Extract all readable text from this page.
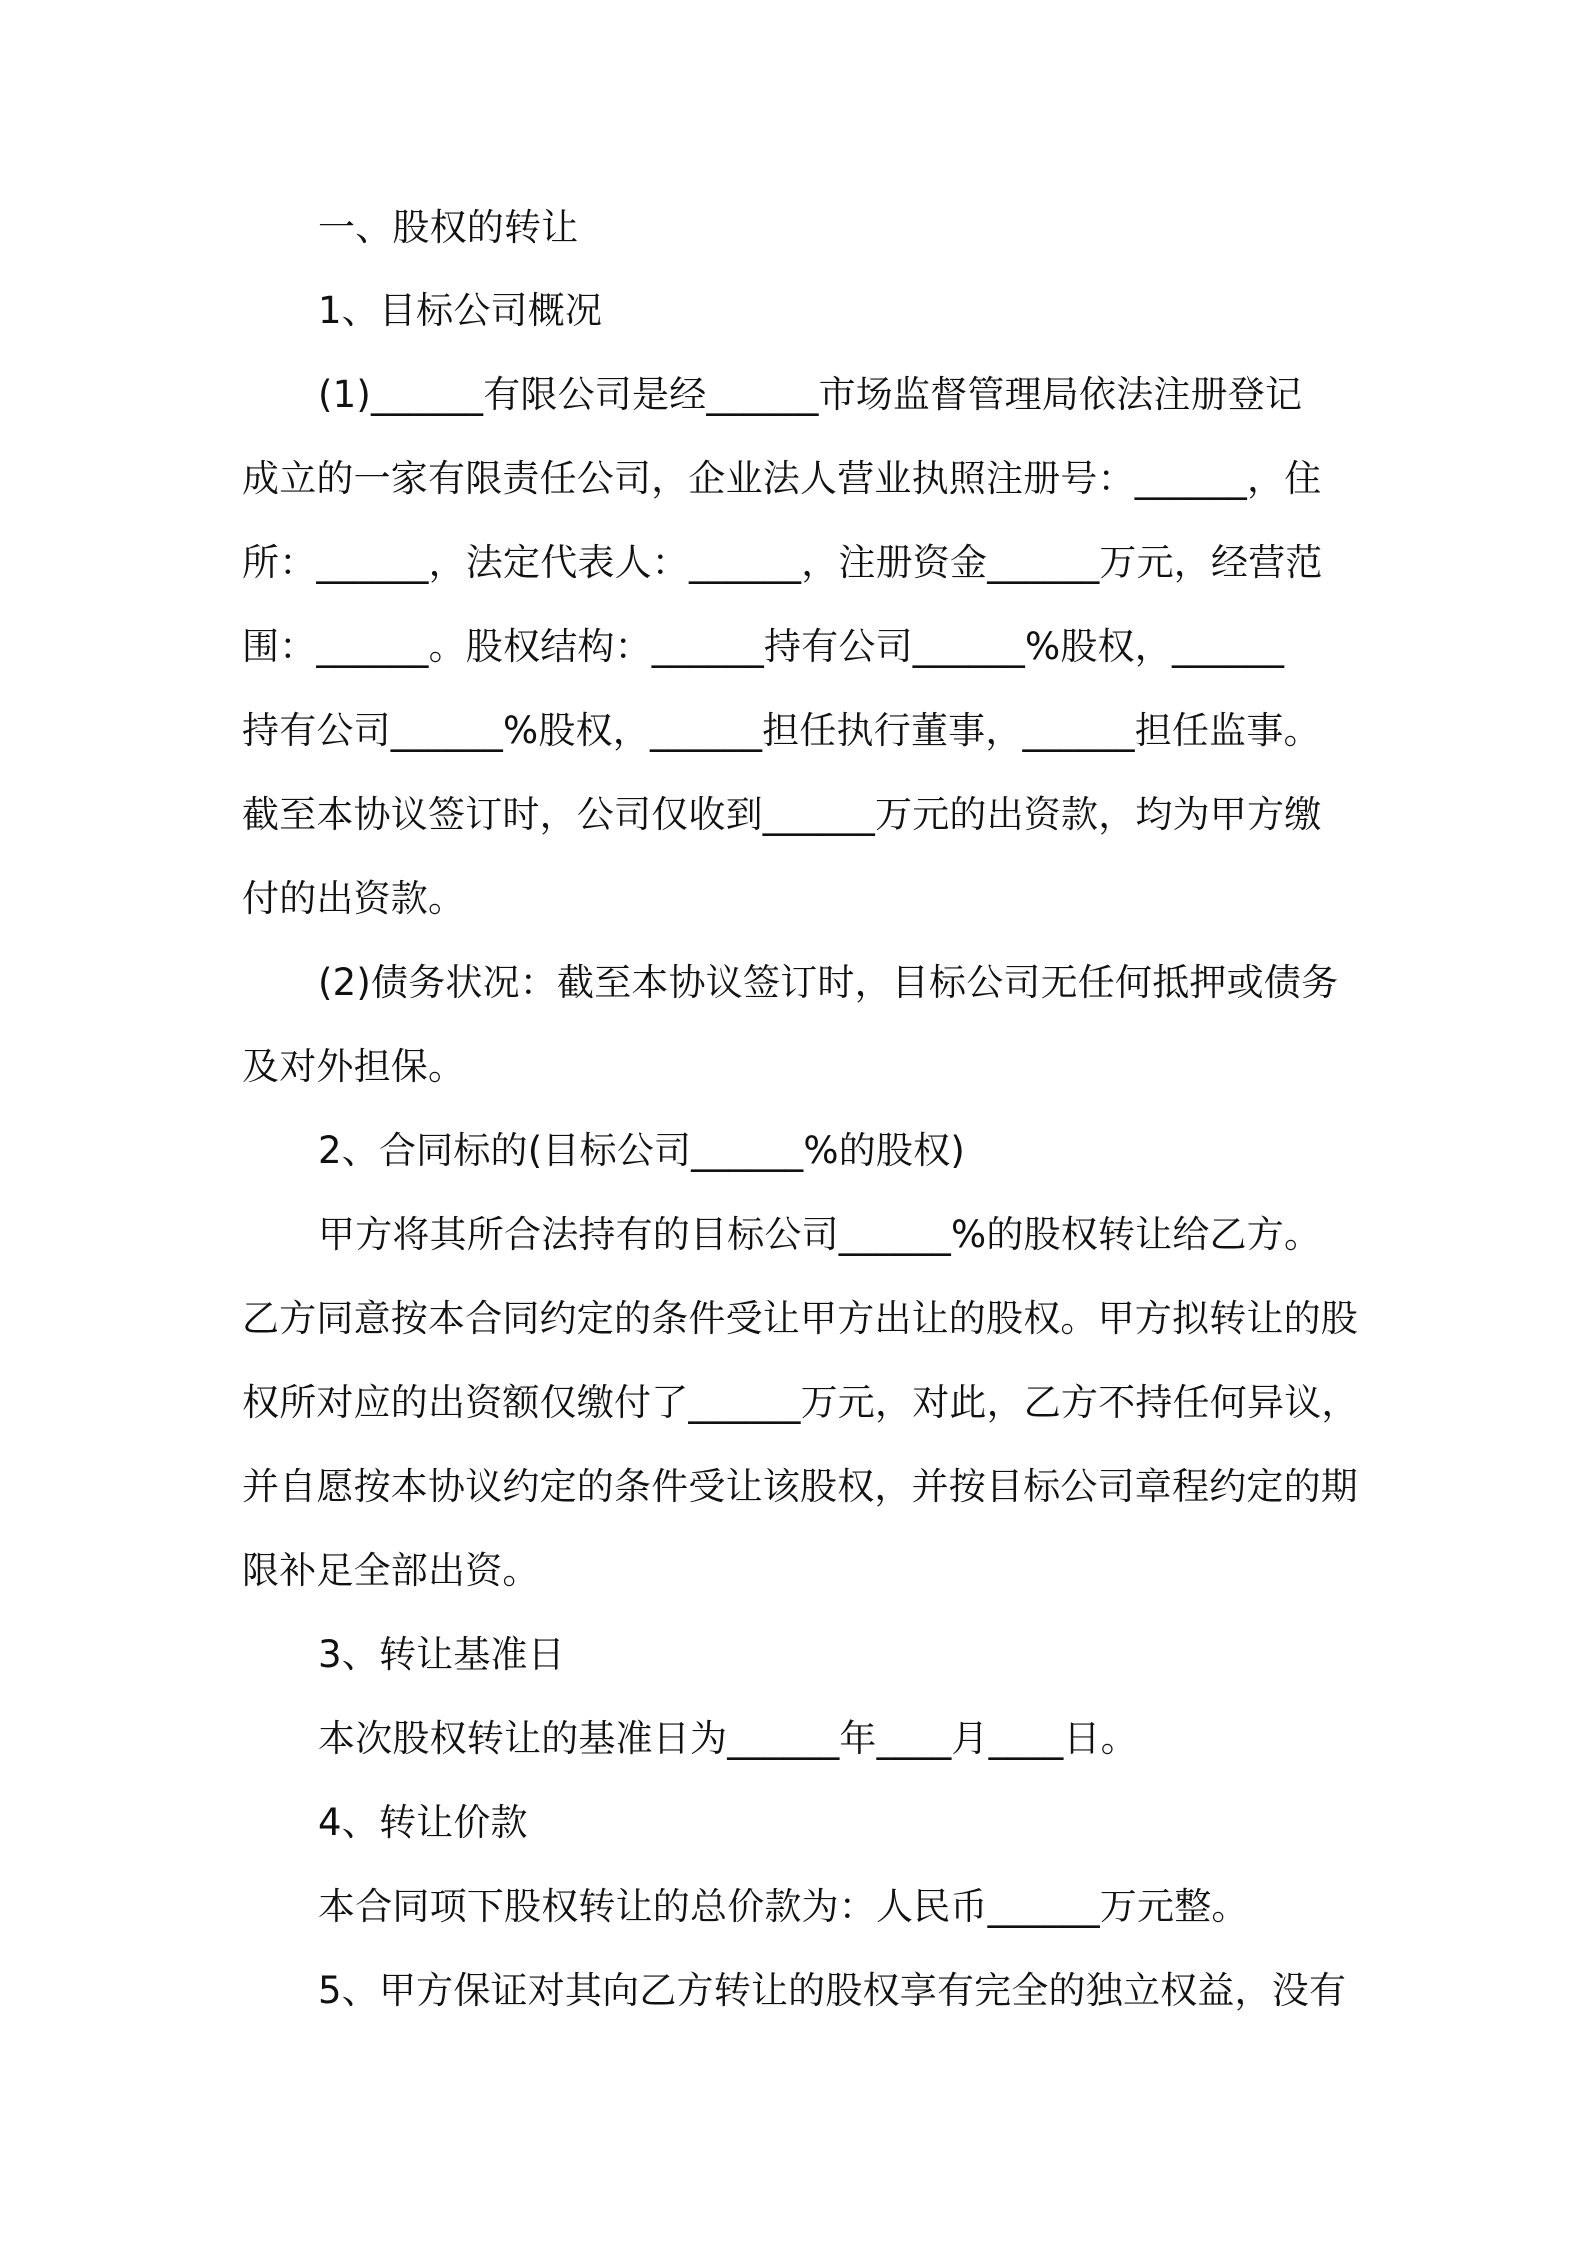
一、股权的转让
1、目标公司概况
(1)______有限公司是经______市场监督管理局依法注册登记
成立的一家有限责任公司，企业法人营业执照注册号：______，住
所：______，法定代表人：______，注册资金______万元，经营范
围：______。股权结构：______持有公司______%股权，______
持有公司______%股权，______担任执行董事，______担任监事。
截至本协议签订时，公司仅收到______万元的出资款，均为甲方缴
付的出资款。
(2)债务状况：截至本协议签订时，目标公司无任何抵押或债务
及对外担保。
2、合同标的(目标公司______%的股权)
甲方将其所合法持有的目标公司______%的股权转让给乙方。
乙方同意按本合同约定的条件受让甲方出让的股权。甲方拟转让的股
权所对应的出资额仅缴付了______万元，对此，乙方不持任何异议，
并自愿按本协议约定的条件受让该股权，并按目标公司章程约定的期
限补足全部出资。
3、转让基准日
本次股权转让的基准日为______年____月____日。
4、转让价款
本合同项下股权转让的总价款为：人民币______万元整。
5、甲方保证对其向乙方转让的股权享有完全的独立权益，没有
